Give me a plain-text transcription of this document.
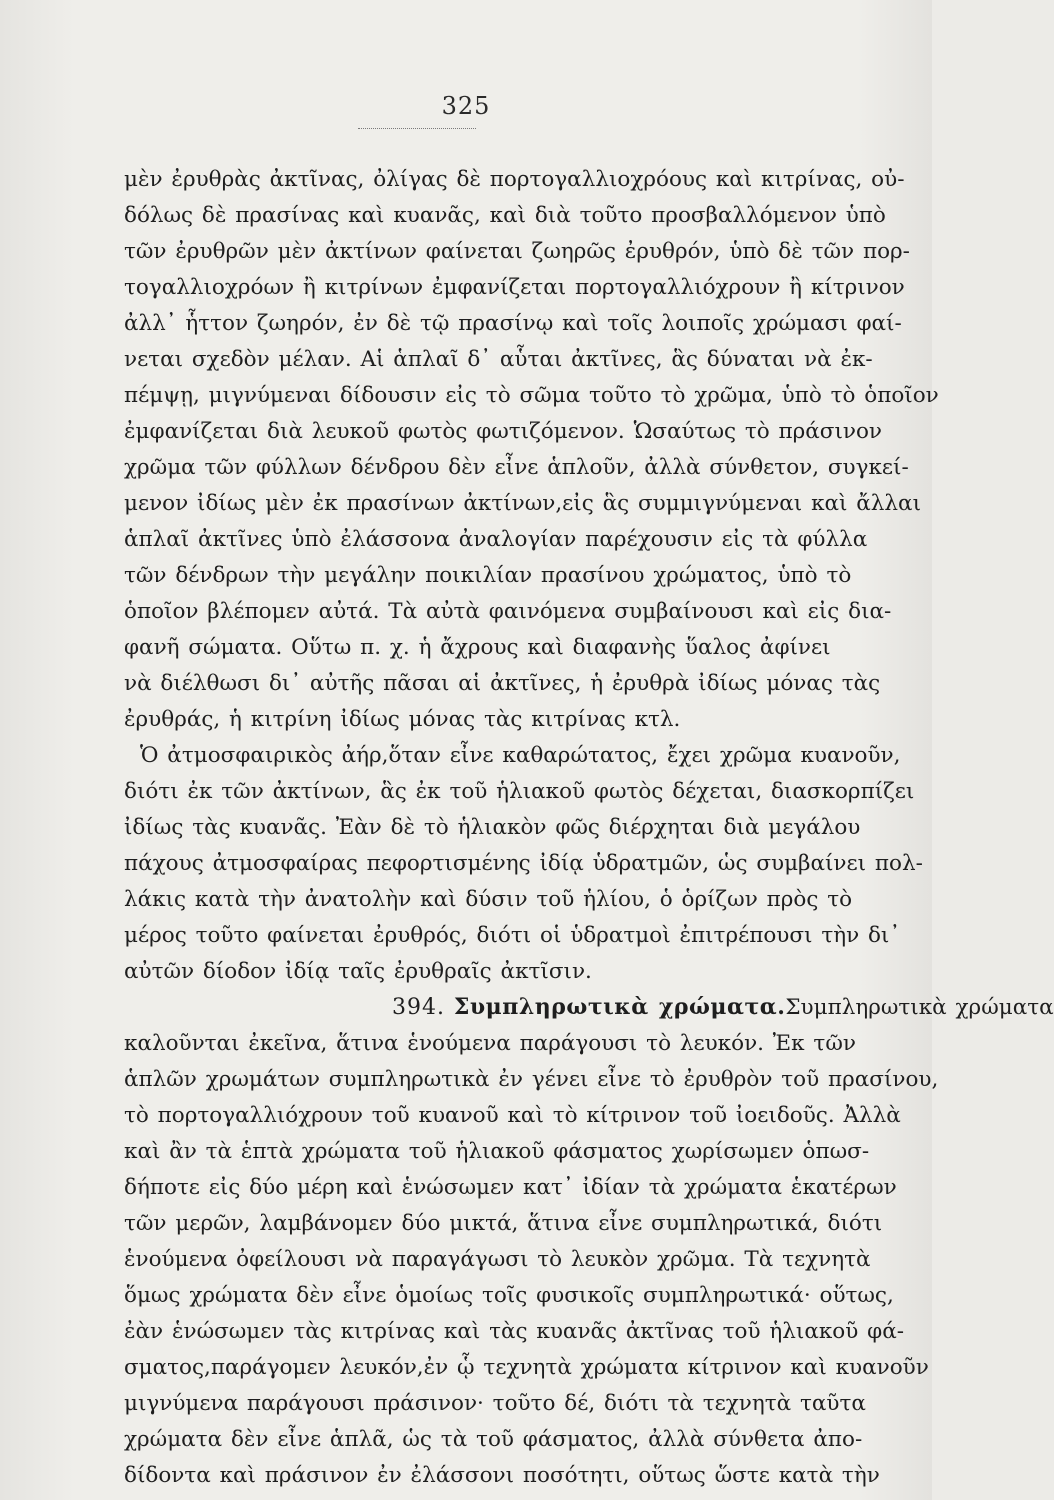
325
μὲν ἐρυθρὰς ἀκτῖνας, ὀλίγας δὲ πορτογαλλιοχρόους καὶ κιτρίνας, οὐ-
δόλως δὲ πρασίνας καὶ κυανᾶς, καὶ διὰ τοῦτο προσβαλλόμενον ὑπὸ
τῶν ἐρυθρῶν μὲν ἀκτίνων φαίνεται ζωηρῶς ἐρυθρόν, ὑπὸ δὲ τῶν πορ-
τογαλλιοχρόων ἢ κιτρίνων ἐμφανίζεται πορτογαλλιόχρουν ἢ κίτρινον
ἀλλ᾽ ἧττον ζωηρόν, ἐν δὲ τῷ πρασίνῳ καὶ τοῖς λοιποῖς χρώμασι φαί-
νεται σχεδὸν μέλαν. Αἱ ἁπλαῖ δ᾽ αὗται ἀκτῖνες, ἃς δύναται νὰ ἐκ-
πέμψῃ, μιγνύμεναι δίδουσιν εἰς τὸ σῶμα τοῦτο τὸ χρῶμα, ὑπὸ τὸ ὁποῖον
ἐμφανίζεται διὰ λευκοῦ φωτὸς φωτιζόμενον. Ὡσαύτως τὸ πράσινον
χρῶμα τῶν φύλλων δένδρου δὲν εἶνε ἁπλοῦν, ἀλλὰ σύνθετον, συγκεί-
μενον ἰδίως μὲν ἐκ πρασίνων ἀκτίνων,εἰς ἃς συμμιγνύμεναι καὶ ἄλλαι
ἁπλαῖ ἀκτῖνες ὑπὸ ἐλάσσονα ἀναλογίαν παρέχουσιν εἰς τὰ φύλλα
τῶν δένδρων τὴν μεγάλην ποικιλίαν πρασίνου χρώματος, ὑπὸ τὸ
ὁποῖον βλέπομεν αὐτά. Τὰ αὐτὰ φαινόμενα συμβαίνουσι καὶ εἰς δια-
φανῆ σώματα. Οὕτω π. χ. ἡ ἄχρους καὶ διαφανὴς ὕαλος ἀφίνει
νὰ διέλθωσι δι᾽ αὐτῆς πᾶσαι αἱ ἀκτῖνες, ἡ ἐρυθρὰ ἰδίως μόνας τὰς
ἐρυθράς, ἡ κιτρίνη ἰδίως μόνας τὰς κιτρίνας κτλ.
Ὁ ἀτμοσφαιρικὸς ἀήρ,ὅταν εἶνε καθαρώτατος, ἔχει χρῶμα κυανοῦν,
διότι ἐκ τῶν ἀκτίνων, ἃς ἐκ τοῦ ἡλιακοῦ φωτὸς δέχεται, διασκορπίζει
ἰδίως τὰς κυανᾶς. Ἐὰν δὲ τὸ ἡλιακὸν φῶς διέρχηται διὰ μεγάλου
πάχους ἀτμοσφαίρας πεφορτισμένης ἰδίᾳ ὑδρατμῶν, ὡς συμβαίνει πολ-
λάκις κατὰ τὴν ἀνατολὴν καὶ δύσιν τοῦ ἡλίου, ὁ ὁρίζων πρὸς τὸ
μέρος τοῦτο φαίνεται ἐρυθρός, διότι οἱ ὑδρατμοὶ ἐπιτρέπουσι τὴν δι᾽
αὐτῶν δίοδον ἰδίᾳ ταῖς ἐρυθραῖς ἀκτῖσιν.
394. Συμπληρωτικὰ χρώματα. Συμπληρωτικὰ χρώματα
καλοῦνται ἐκεῖνα, ἅτινα ἑνούμενα παράγουσι τὸ λευκόν. Ἐκ τῶν
ἁπλῶν χρωμάτων συμπληρωτικὰ ἐν γένει εἶνε τὸ ἐρυθρὸν τοῦ πρασίνου,
τὸ πορτογαλλιόχρουν τοῦ κυανοῦ καὶ τὸ κίτρινον τοῦ ἰοειδοῦς. Ἀλλὰ
καὶ ἂν τὰ ἑπτὰ χρώματα τοῦ ἡλιακοῦ φάσματος χωρίσωμεν ὁπωσ-
δήποτε εἰς δύο μέρη καὶ ἑνώσωμεν κατ᾽ ἰδίαν τὰ χρώματα ἑκατέρων
τῶν μερῶν, λαμβάνομεν δύο μικτά, ἅτινα εἶνε συμπληρωτικά, διότι
ἑνούμενα ὀφείλουσι νὰ παραγάγωσι τὸ λευκὸν χρῶμα. Τὰ τεχνητὰ
ὅμως χρώματα δὲν εἶνε ὁμοίως τοῖς φυσικοῖς συμπληρωτικά· οὕτως,
ἐὰν ἑνώσωμεν τὰς κιτρίνας καὶ τὰς κυανᾶς ἀκτῖνας τοῦ ἡλιακοῦ φά-
σματος,παράγομεν λευκόν,ἐν ᾧ τεχνητὰ χρώματα κίτρινον καὶ κυανοῦν
μιγνύμενα παράγουσι πράσινον· τοῦτο δέ, διότι τὰ τεχνητὰ ταῦτα
χρώματα δὲν εἶνε ἁπλᾶ, ὡς τὰ τοῦ φάσματος, ἀλλὰ σύνθετα ἀπο-
δίδοντα καὶ πράσινον ἐν ἐλάσσονι ποσότητι, οὕτως ὥστε κατὰ τὴν
